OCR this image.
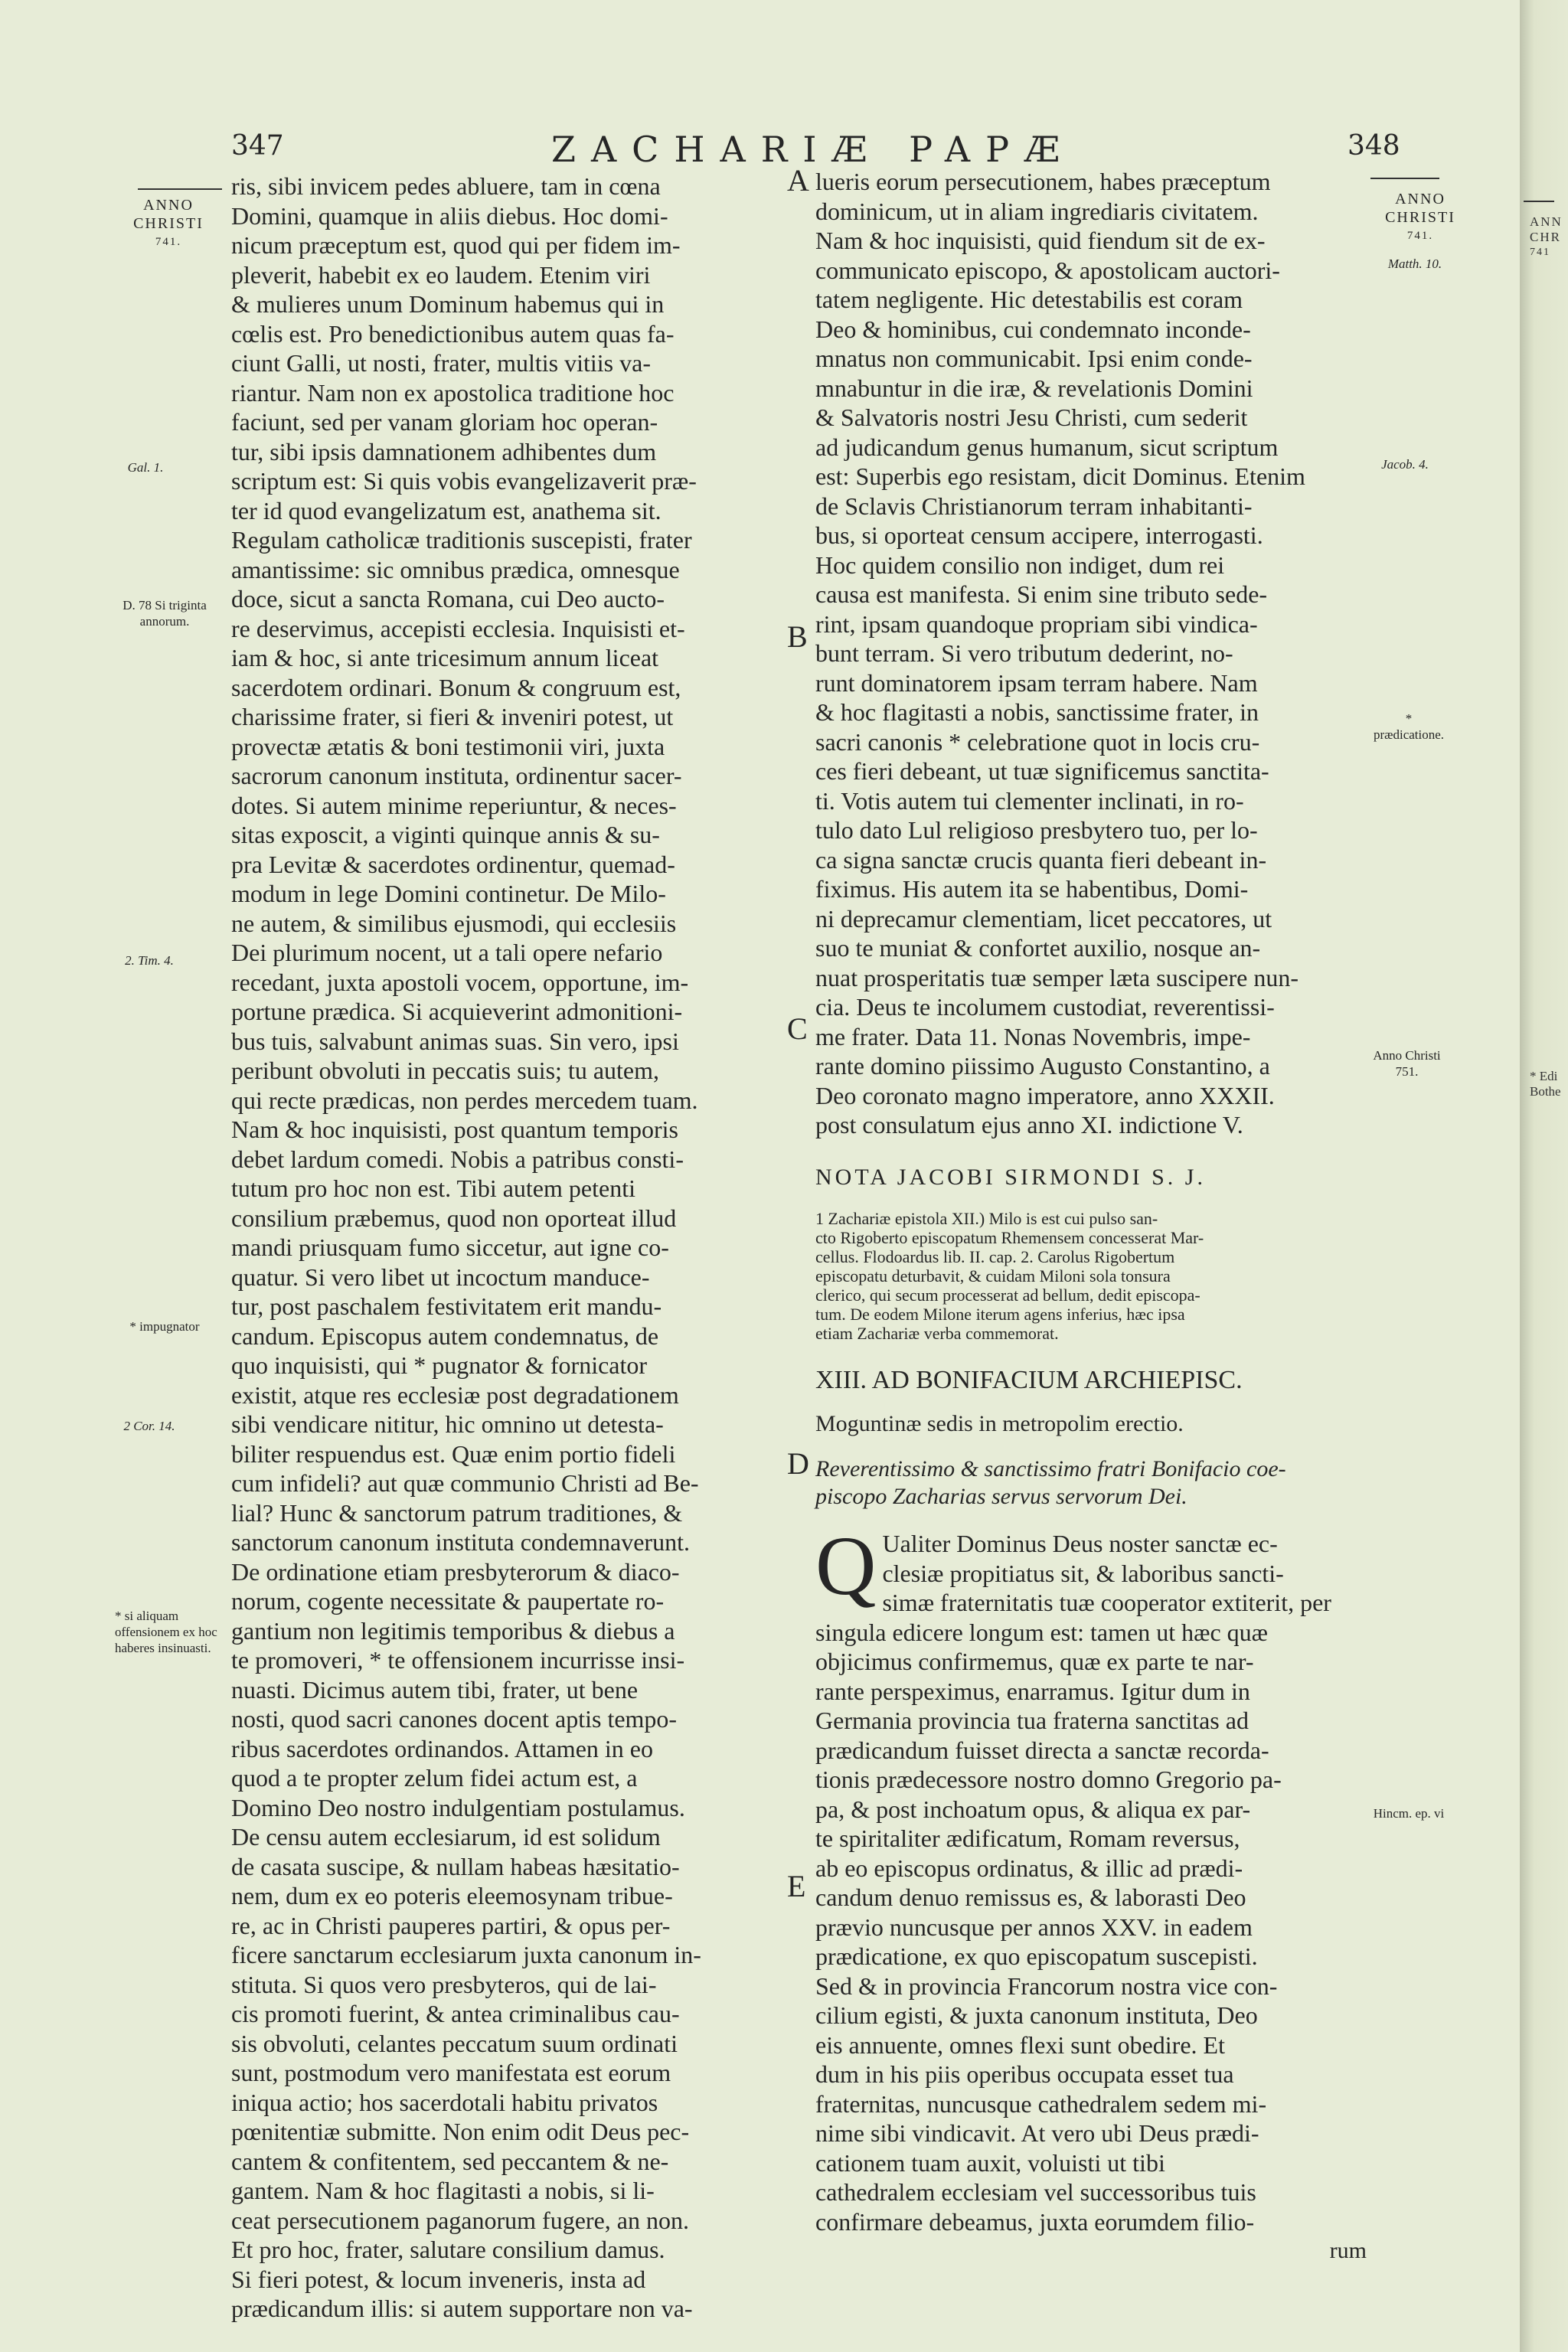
347	ZACHARIÆ PAPÆ	348
ANNO
CHRISTI
741.
Gal. 1.
D. 78 Si triginta annorum.
2. Tim. 4.
* impugnator
2 Cor. 14.
* si aliquam offensionem ex hoc haberes insinuasti.
ris, sibi invicem pedes abluere, tam in cœna
Domini, quamque in aliis diebus. Hoc domi-
nicum præceptum est, quod qui per fidem im-
pleverit, habebit ex eo laudem. Etenim viri
& mulieres unum Dominum habemus qui in
cœlis est. Pro benedictionibus autem quas fa-
ciunt Galli, ut nosti, frater, multis vitiis va-
riantur. Nam non ex apostolica traditione hoc
faciunt, sed per vanam gloriam hoc operan-
tur, sibi ipsis damnationem adhibentes dum
scriptum est: Si quis vobis evangelizaverit præ-
ter id quod evangelizatum est, anathema sit.
Regulam catholicæ traditionis suscepisti, frater
amantissime: sic omnibus prædica, omnesque
doce, sicut a sancta Romana, cui Deo aucto-
re deservimus, accepisti ecclesia. Inquisisti et-
iam & hoc, si ante tricesimum annum liceat
sacerdotem ordinari. Bonum & congruum est,
charissime frater, si fieri & inveniri potest, ut
provectæ ætatis & boni testimonii viri, juxta
sacrorum canonum instituta, ordinentur sacer-
dotes. Si autem minime reperiuntur, & neces-
sitas exposcit, a viginti quinque annis & su-
pra Levitæ & sacerdotes ordinentur, quemad-
modum in lege Domini continetur. De Milo-
ne autem, & similibus ejusmodi, qui ecclesiis
Dei plurimum nocent, ut a tali opere nefario
recedant, juxta apostoli vocem, opportune, im-
portune prædica. Si acquieverint admonitioni-
bus tuis, salvabunt animas suas. Sin vero, ipsi
peribunt obvoluti in peccatis suis; tu autem,
qui recte prædicas, non perdes mercedem tuam.
Nam & hoc inquisisti, post quantum temporis
debet lardum comedi. Nobis a patribus consti-
tutum pro hoc non est. Tibi autem petenti
consilium præbemus, quod non oporteat illud
mandi priusquam fumo siccetur, aut igne co-
quatur. Si vero libet ut incoctum manduce-
tur, post paschalem festivitatem erit mandu-
candum. Episcopus autem condemnatus, de
quo inquisisti, qui * pugnator & fornicator
existit, atque res ecclesiæ post degradationem
sibi vendicare nititur, hic omnino ut detesta-
biliter respuendus est. Quæ enim portio fideli
cum infideli? aut quæ communio Christi ad Be-
lial? Hunc & sanctorum patrum traditiones, &
sanctorum canonum instituta condemnaverunt.
De ordinatione etiam presbyterorum & diaco-
norum, cogente necessitate & paupertate ro-
gantium non legitimis temporibus & diebus a
te promoveri, * te offensionem incurrisse insi-
nuasti. Dicimus autem tibi, frater, ut bene
nosti, quod sacri canones docent aptis tempo-
ribus sacerdotes ordinandos. Attamen in eo
quod a te propter zelum fidei actum est, a
Domino Deo nostro indulgentiam postulamus.
De censu autem ecclesiarum, id est solidum
de casata suscipe, & nullam habeas hæsitatio-
nem, dum ex eo poteris eleemosynam tribue-
re, ac in Christi pauperes partiri, & opus per-
ficere sanctarum ecclesiarum juxta canonum in-
stituta. Si quos vero presbyteros, qui de lai-
cis promoti fuerint, & antea criminalibus cau-
sis obvoluti, celantes peccatum suum ordinati
sunt, postmodum vero manifestata est eorum
iniqua actio; hos sacerdotali habitu privatos
pœnitentiæ submitte. Non enim odit Deus pec-
cantem & confitentem, sed peccantem & ne-
gantem. Nam & hoc flagitasti a nobis, si li-
ceat persecutionem paganorum fugere, an non.
Et pro hoc, frater, salutare consilium damus.
Si fieri potest, & locum inveneris, insta ad
prædicandum illis: si autem supportare non va-
A
B
C
D
E
lueris eorum persecutionem, habes præceptum
dominicum, ut in aliam ingrediaris civitatem.
Nam & hoc inquisisti, quid fiendum sit de ex-
communicato episcopo, & apostolicam auctori-
tatem negligente. Hic detestabilis est coram
Deo & hominibus, cui condemnato inconde-
mnatus non communicabit. Ipsi enim conde-
mnabuntur in die iræ, & revelationis Domini
& Salvatoris nostri Jesu Christi, cum sederit
ad judicandum genus humanum, sicut scriptum
est: Superbis ego resistam, dicit Dominus. Etenim
de Sclavis Christianorum terram inhabitanti-
bus, si oporteat censum accipere, interrogasti.
Hoc quidem consilio non indiget, dum rei
causa est manifesta. Si enim sine tributo sede-
rint, ipsam quandoque propriam sibi vindica-
bunt terram. Si vero tributum dederint, no-
runt dominatorem ipsam terram habere. Nam
& hoc flagitasti a nobis, sanctissime frater, in
sacri canonis * celebratione quot in locis cru-
ces fieri debeant, ut tuæ significemus sanctita-
ti. Votis autem tui clementer inclinati, in ro-
tulo dato Lul religioso presbytero tuo, per lo-
ca signa sanctæ crucis quanta fieri debeant in-
fiximus. His autem ita se habentibus, Domi-
ni deprecamur clementiam, licet peccatores, ut
suo te muniat & confortet auxilio, nosque an-
nuat prosperitatis tuæ semper læta suscipere nun-
cia. Deus te incolumem custodiat, reverentissi-
me frater. Data 11. Nonas Novembris, impe-
rante domino piissimo Augusto Constantino, a
Deo coronato magno imperatore, anno XXXII.
post consulatum ejus anno XI. indictione V.

NOTA JACOBI SIRMONDI S. J.

1 Zachariæ epistola XII.) Milo is est cui pulso san-
cto Rigoberto episcopatum Rhemensem concesserat Mar-
cellus. Flodoardus lib. II. cap. 2. Carolus Rigobertum
episcopatu deturbavit, & cuidam Miloni sola tonsura
clerico, qui secum processerat ad bellum, dedit episcopa-
tum. De eodem Milone iterum agens inferius, hæc ipsa
etiam Zachariæ verba commemorat.

XIII. AD BONIFACIUM ARCHIEPISC.

Moguntinæ sedis in metropolim erectio.

Reverentissimo & sanctissimo fratri Bonifacio coe-

piscopo Zacharias servus servorum Dei.

Q Ualiter Dominus Deus noster sanctæ ec-
clesiæ propitiatus sit, & laboribus sancti-
simæ fraternitatis tuæ cooperator extiterit, per
singula edicere longum est: tamen ut hæc quæ
objicimus confirmemus, quæ ex parte te nar-
rante perspeximus, enarramus. Igitur dum in
Germania provincia tua fraterna sanctitas ad
prædicandum fuisset directa a sanctæ recorda-
tionis prædecessore nostro domno Gregorio pa-
pa, & post inchoatum opus, & aliqua ex par-
te spiritaliter ædificatum, Romam reversus,
ab eo episcopus ordinatus, & illic ad prædi-
candum denuo remissus es, & laborasti Deo
prævio nuncusque per annos XXV. in eadem
prædicatione, ex quo episcopatum suscepisti.
Sed & in provincia Francorum nostra vice con-
cilium egisti, & juxta canonum instituta, Deo
eis annuente, omnes flexi sunt obedire. Et
dum in his piis operibus occupata esset tua
fraternitas, nuncusque cathedralem sedem mi-
nime sibi vindicavit. At vero ubi Deus prædi-
cationem tuam auxit, voluisti ut tibi
cathedralem ecclesiam vel successoribus tuis
confirmare debeamus, juxta eorumdem filio-
rum
ANNO
CHRISTI
741.
Matth. 10.
Jacob. 4.
* prædicatione.
Anno Christi 751.
Hincm. ep. vi
ANN
CHR
741
* Edi
Bothe
